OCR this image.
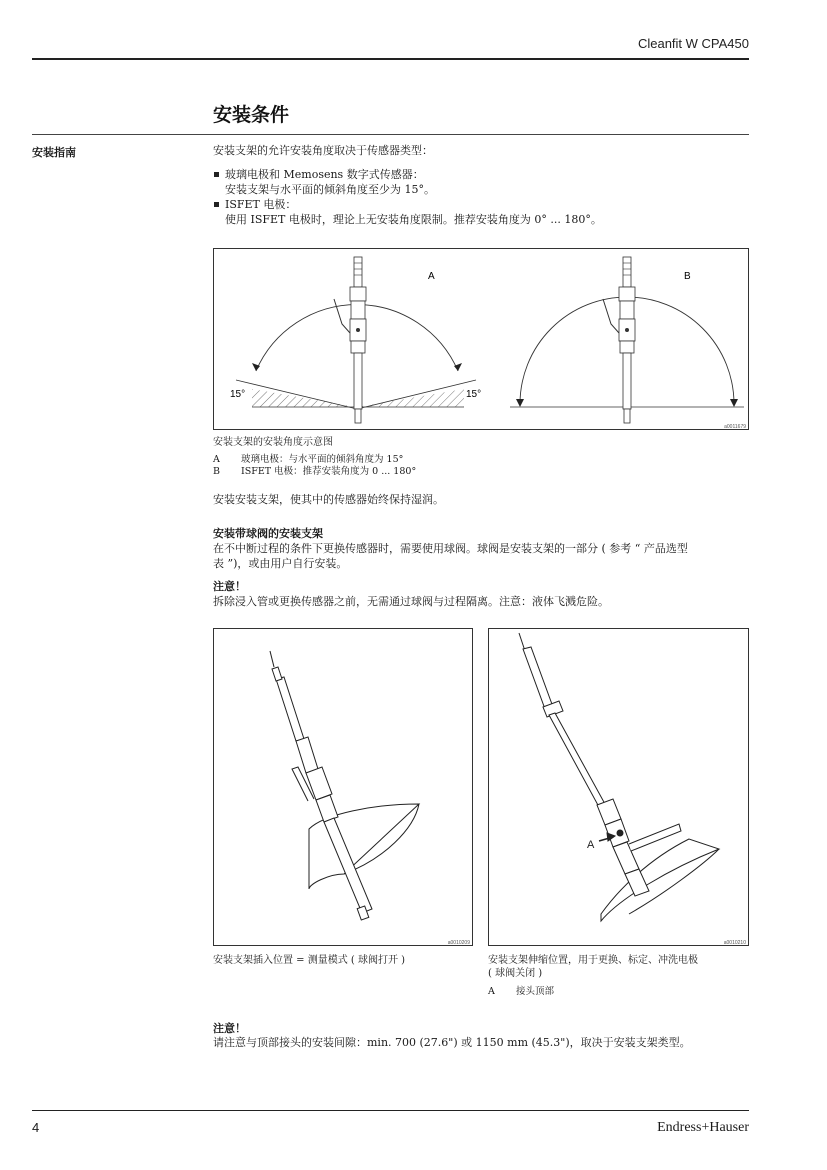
Cleanfit W CPA450
安装条件
安装指南	安装支架的允许安装角度取决于传感器类型：
玻璃电极和 Memosens 数字式传感器：
安装支架与水平面的倾斜角度至少为 15°。
ISFET 电极：
使用 ISFET 电极时，理论上无安装角度限制。推荐安装角度为 0° ... 180°。
A
15°	15°
B
a0011679
安装支架的安装角度示意图
A 玻璃电极：与水平面的倾斜角度为 15°
B ISFET 电极：推荐安装角度为 0 ... 180°
安装安装支架，使其中的传感器始终保持湿润。
安装带球阀的安装支架
在不中断过程的条件下更换传感器时，需要使用球阀。球阀是安装支架的一部分 ( 参考 “ 产品选型
表 ”)，或由用户自行安装。
注意！
拆除浸入管或更换传感器之前，无需通过球阀与过程隔离。注意：液体飞溅危险。
a0010209
安装支架插入位置 = 测量模式 ( 球阀打开 )
A
a0010210
安装支架伸缩位置，用于更换、标定、冲洗电极
( 球阀关闭 )
A 接头顶部
注意！
请注意与顶部接头的安装间隙：min. 700 (27.6") 或 1150 mm (45.3")，取决于安装支架类型。
4	Endress+Hauser
